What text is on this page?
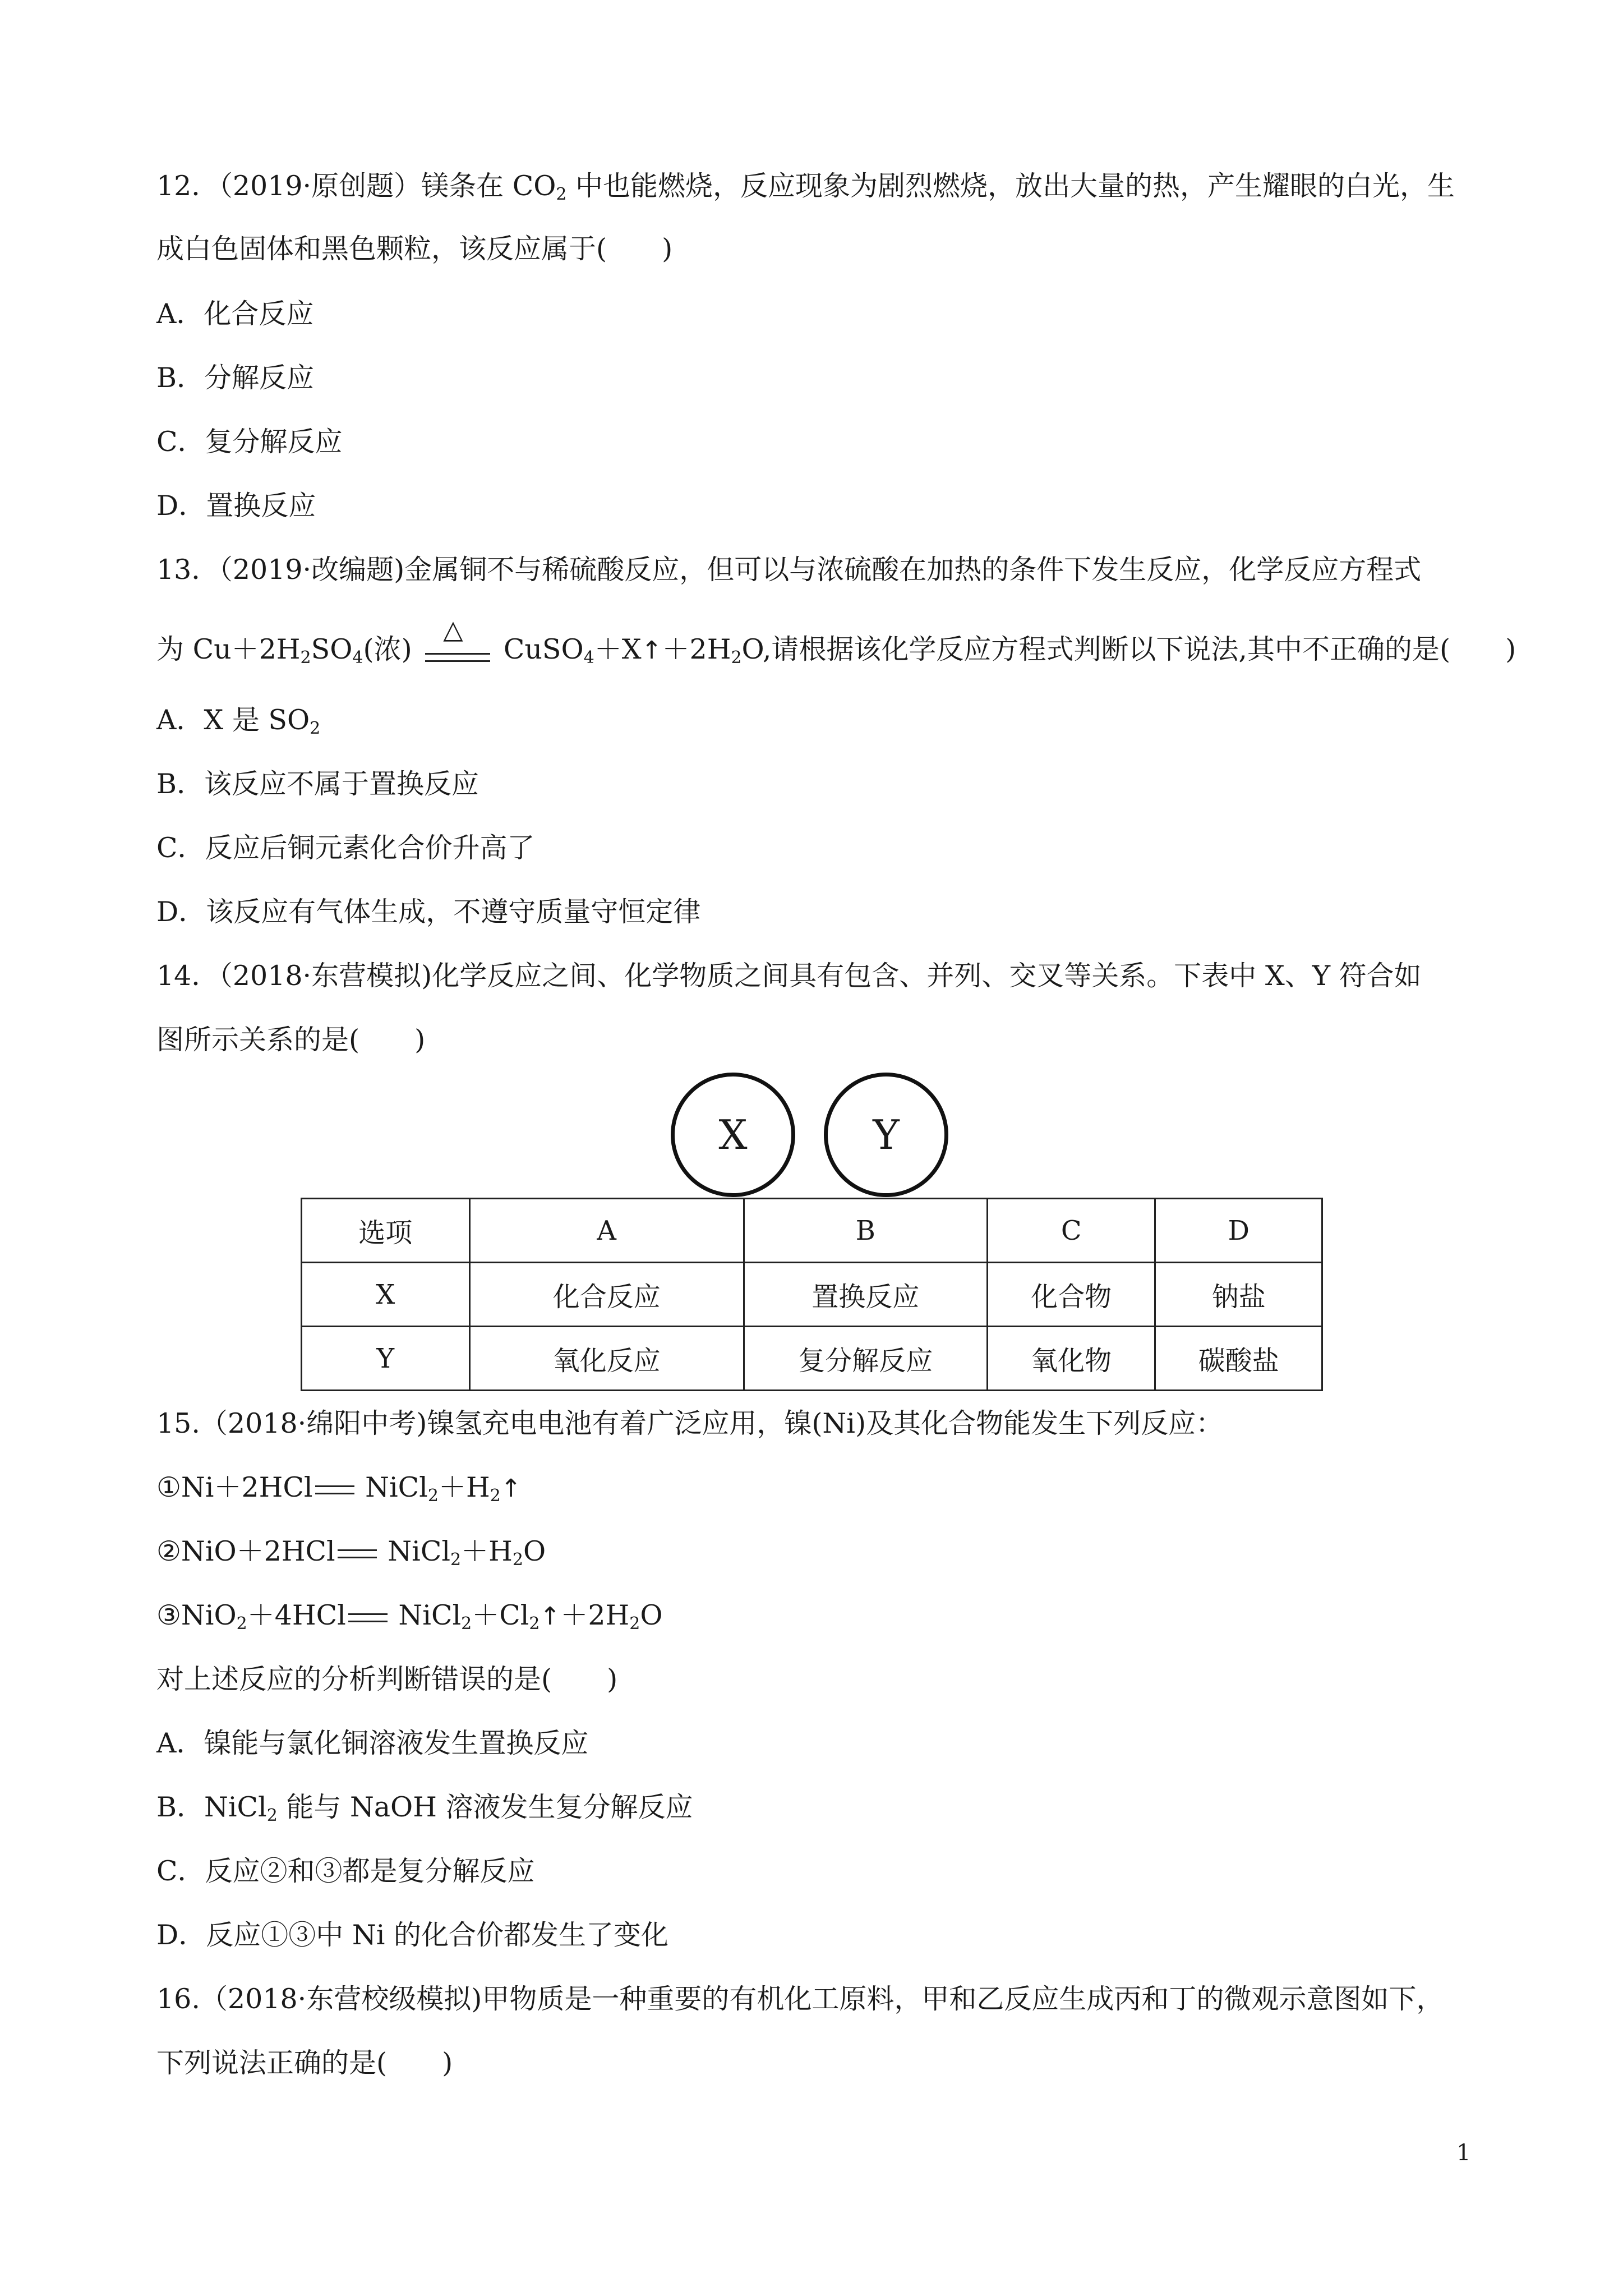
12．（2019·原创题）镁条在 $CO_2$ 中也能燃烧，反应现象为剧烈燃烧，放出大量的热，产生耀眼的白光，生
成白色固体和黑色颗粒，该反应属于(　　)
A．化合反应
B．分解反应
C．复分解反应
D．置换反应
13．（2019·改编题)金属铜不与稀硫酸反应，但可以与浓硫酸在加热的条件下发生反应，化学反应方程式
为 $Cu+2H_2SO_4$(浓)
△
$CuSO_4+X↑+2H_2O$,请根据该化学反应方程式判断以下说法,其中不正确的是(　　)
A．X 是 $SO_2$
B．该反应不属于置换反应
C．反应后铜元素化合价升高了
D．该反应有气体生成，不遵守质量守恒定律
14．（2018·东营模拟)化学反应之间、化学物质之间具有包含、并列、交叉等关系。下表中 X、Y 符合如
图所示关系的是(　　)
X	Y
选项	A	B	C	D
X	化合反应	置换反应	化合物	钠盐
Y	氧化反应	复分解反应	氧化物	碳酸盐
15.（2018·绵阳中考)镍氢充电电池有着广泛应用，镍(Ni)及其化合物能发生下列反应：
①Ni＋2HCl $NiCl_2+H_2↑$
②NiO＋2HCl $NiCl_2+H_2O$
③NiO$_2$＋4HCl $NiCl_2+Cl_2↑+2H_2O$
对上述反应的分析判断错误的是(　　)
A．镍能与氯化铜溶液发生置换反应
B．NiCl$_2$ 能与 NaOH 溶液发生复分解反应
C．反应②和③都是复分解反应
D．反应①③中 Ni 的化合价都发生了变化
16.（2018·东营校级模拟)甲物质是一种重要的有机化工原料，甲和乙反应生成丙和丁的微观示意图如下，
下列说法正确的是(　　)
1
